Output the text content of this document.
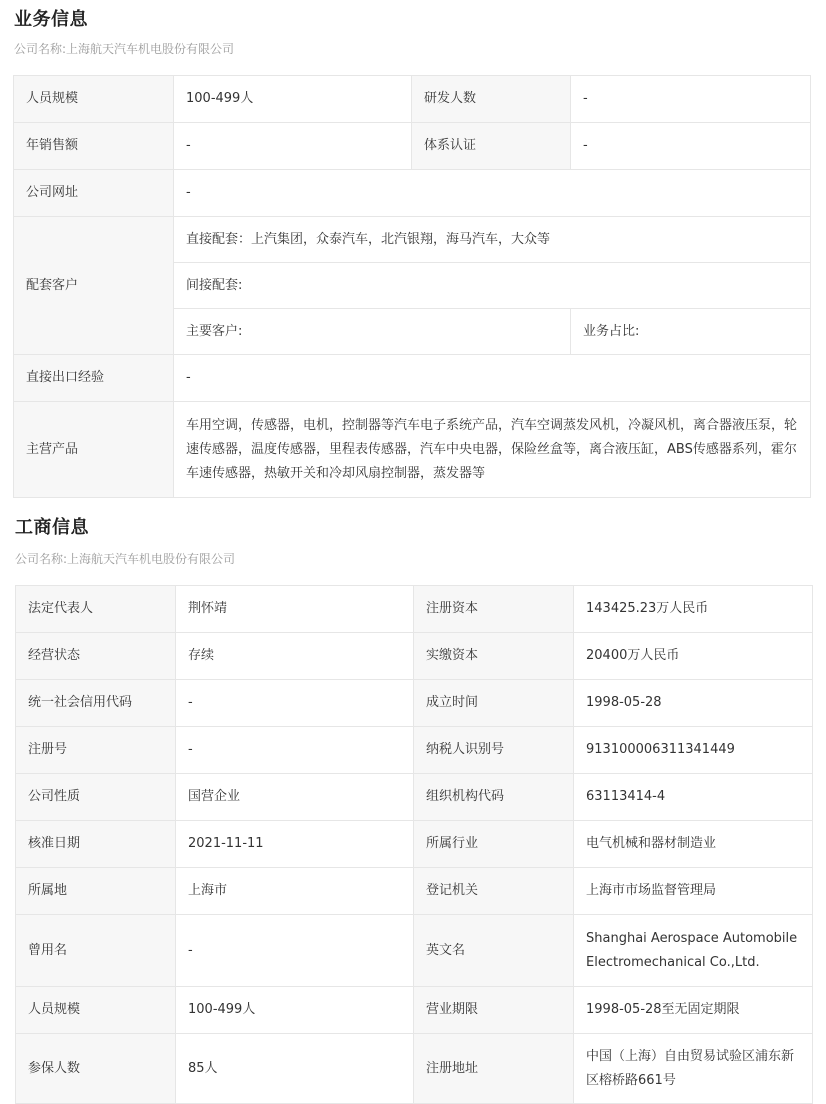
业务信息

公司名称:上海航天汽车机电股份有限公司

人员规模	100-499人	研发人数	-
年销售额	-	体系认证	-
公司网址	-		
配套客户	直接配套：上汽集团，众泰汽车，北汽银翔，海马汽车，大众等		
	间接配套:		
	主要客户:		业务占比:
直接出口经验	-		
主营产品	车用空调，传感器，电机，控制器等汽车电子系统产品，汽车空调蒸发风机，冷凝风机，离合器液压泵，轮速传感器，温度传感器，里程表传感器，汽车中央电器，保险丝盒等，离合液压缸，ABS传感器系列，霍尔车速传感器，热敏开关和冷却风扇控制器，蒸发器等		
工商信息

公司名称:上海航天汽车机电股份有限公司

法定代表人	荆怀靖	注册资本	143425.23万人民币
经营状态	存续	实缴资本	20400万人民币
统一社会信用代码	-	成立时间	1998-05-28
注册号	-	纳税人识别号	913100006311341449
公司性质	国营企业	组织机构代码	63113414-4
核准日期	2021-11-11	所属行业	电气机械和器材制造业
所属地	上海市	登记机关	上海市市场监督管理局
曾用名	-	英文名	Shanghai Aerospace Automobile Electromechanical Co.,Ltd.
人员规模	100-499人	营业期限	1998-05-28至无固定期限
参保人数	85人	注册地址	中国（上海）自由贸易试验区浦东新区榕桥路661号
